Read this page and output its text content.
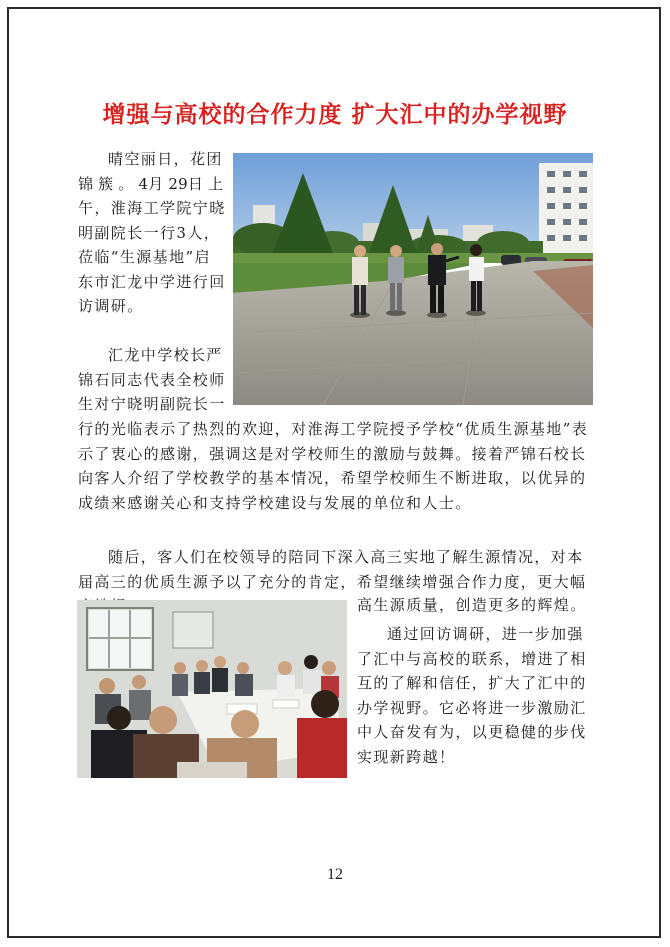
增强与高校的合作力度 扩大汇中的办学视野
晴空丽日，花团
锦 簇 。 4月 29日 上
午，淮海工学院宁晓
明副院长一行3人，
莅临“生源基地”启
东市汇龙中学进行回
访调研。
汇龙中学校长严
锦石同志代表全校师
生对宁晓明副院长一

行的光临表示了热烈的欢迎，对淮海工学院授予学校“优质生源基地”表示了衷心的感谢，强调这是对学校师生的激励与鼓舞。接着严锦石校长向客人介绍了学校教学的基本情况，希望学校师生不断进取，以优异的成绩来感谢关心和支持学校建设与发展的单位和人士。

随后，客人们在校领导的陪同下深入高三实地了解生源情况，对本届高三的优质生源予以了充分的肯定，希望继续增强合作力度，更大幅

高生源质量，创造更多的辉煌。

通过回访调研，进一步加强了汇中与高校的联系，增进了相互的了解和信任，扩大了汇中的办学视野。它必将进一步激励汇中人奋发有为，以更稳健的步伐实现新跨越！

12
